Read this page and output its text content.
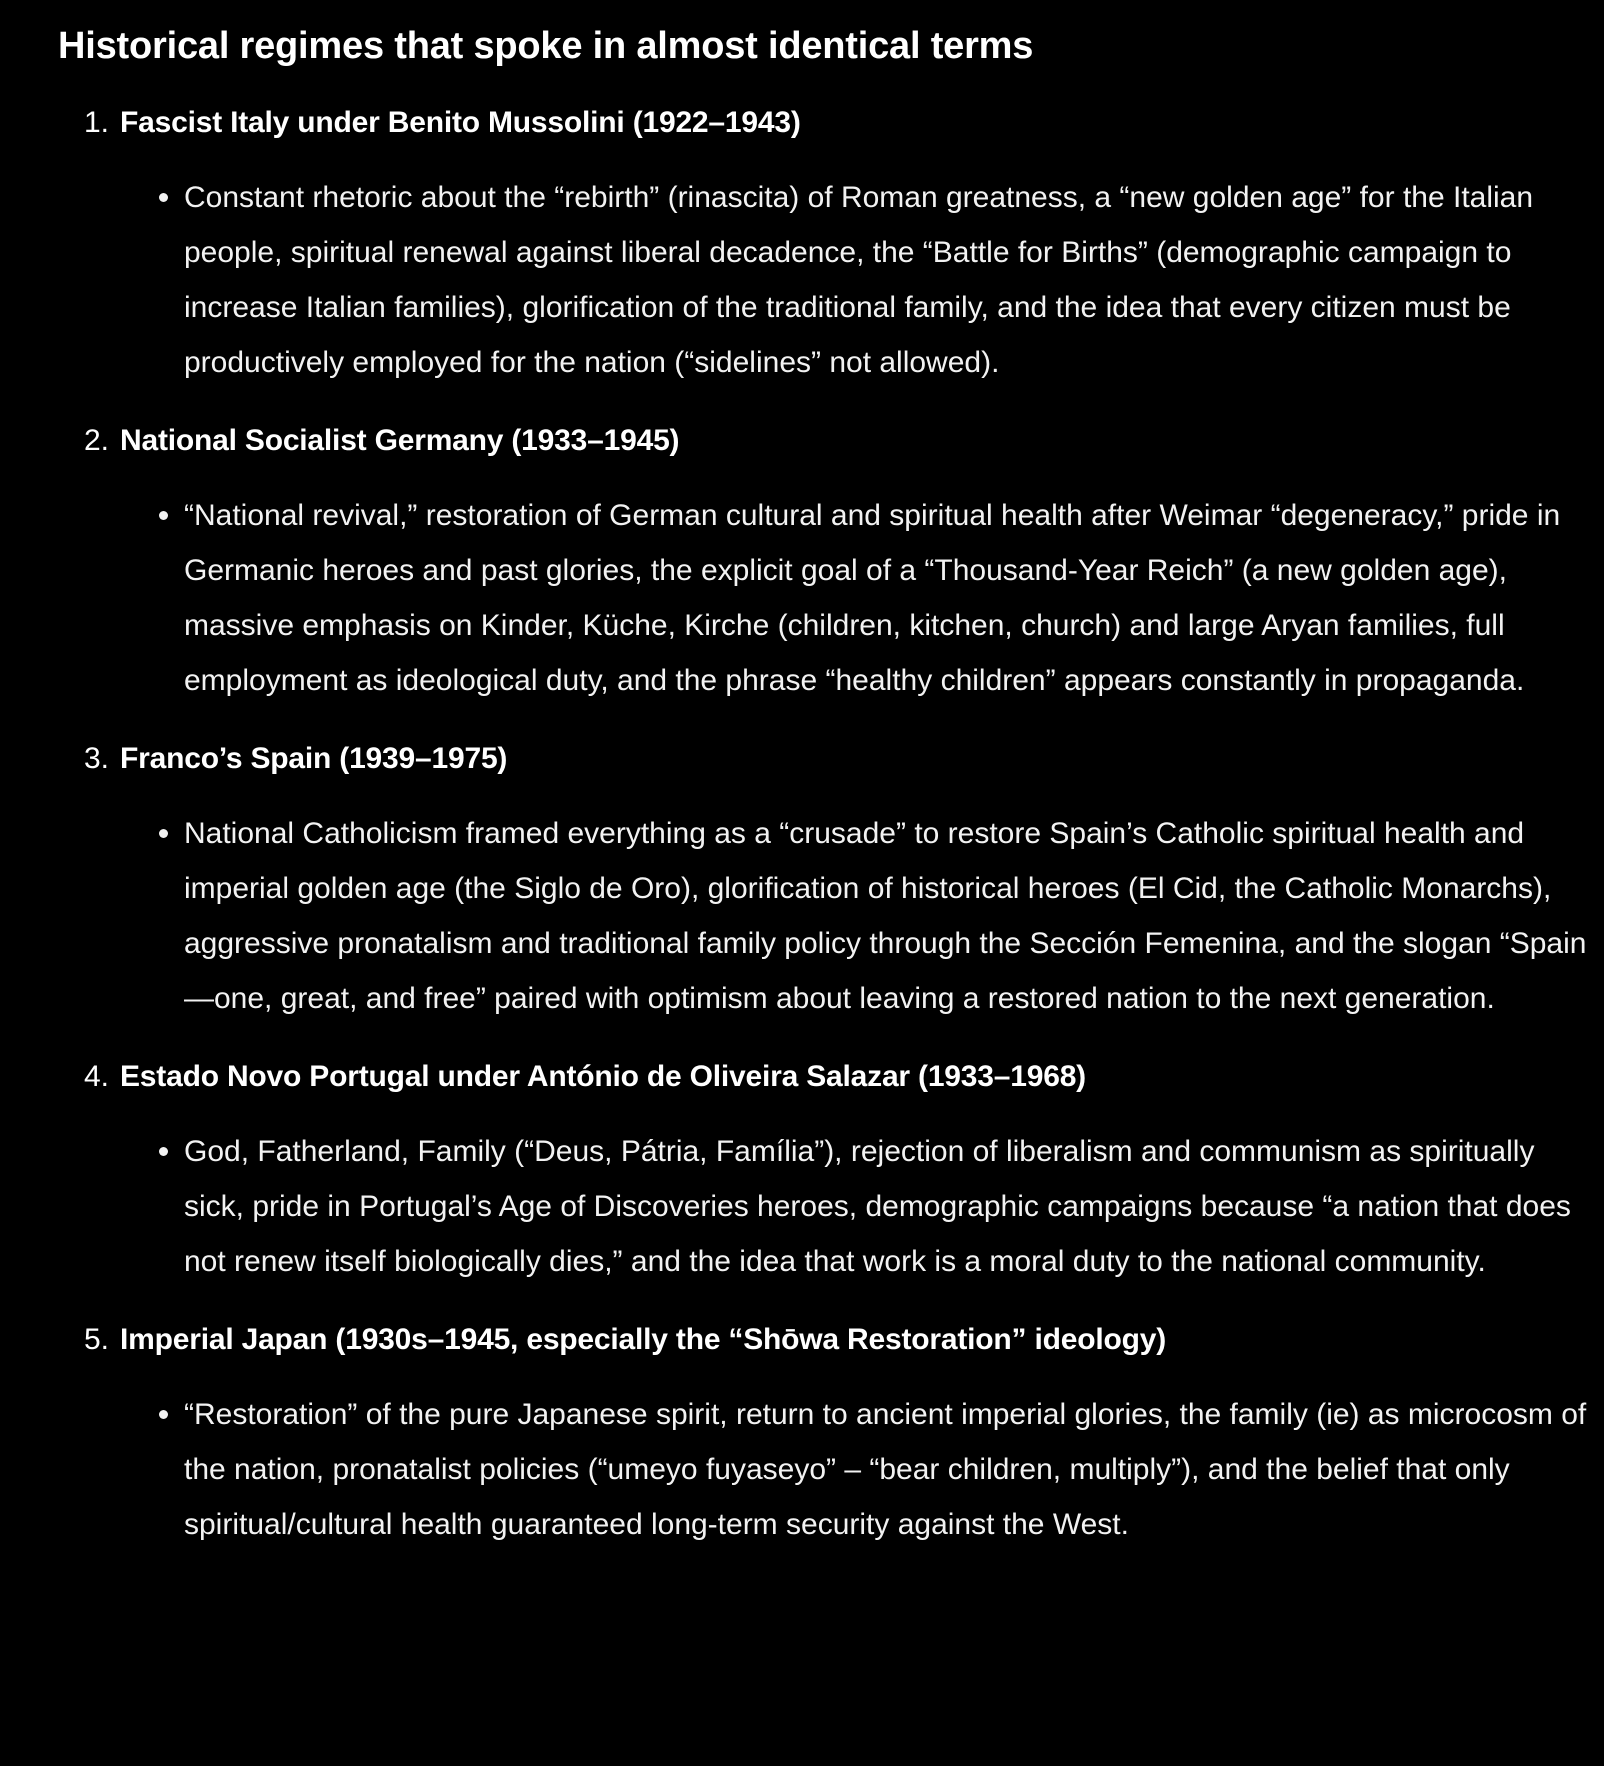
Historical regimes that spoke in almost identical terms
1. Fascist Italy under Benito Mussolini (1922–1943)
Constant rhetoric about the “rebirth” (rinascita) of Roman greatness, a “new golden age” for the Italian people, spiritual renewal against liberal decadence, the “Battle for Births” (demographic campaign to increase Italian families), glorification of the traditional family, and the idea that every citizen must be productively employed for the nation (“sidelines” not allowed).
2. National Socialist Germany (1933–1945)
“National revival,” restoration of German cultural and spiritual health after Weimar “degeneracy,” pride in Germanic heroes and past glories, the explicit goal of a “Thousand-Year Reich” (a new golden age), massive emphasis on Kinder, Küche, Kirche (children, kitchen, church) and large Aryan families, full employment as ideological duty, and the phrase “healthy children” appears constantly in propaganda.
3. Franco’s Spain (1939–1975)
National Catholicism framed everything as a “crusade” to restore Spain’s Catholic spiritual health and imperial golden age (the Siglo de Oro), glorification of historical heroes (El Cid, the Catholic Monarchs), aggressive pronatalism and traditional family policy through the Sección Femenina, and the slogan “Spain—one, great, and free” paired with optimism about leaving a restored nation to the next generation.
4. Estado Novo Portugal under António de Oliveira Salazar (1933–1968)
God, Fatherland, Family (“Deus, Pátria, Família”), rejection of liberalism and communism as spiritually sick, pride in Portugal’s Age of Discoveries heroes, demographic campaigns because “a nation that does not renew itself biologically dies,” and the idea that work is a moral duty to the national community.
5. Imperial Japan (1930s–1945, especially the “Shōwa Restoration” ideology)
“Restoration” of the pure Japanese spirit, return to ancient imperial glories, the family (ie) as microcosm of the nation, pronatalist policies (“umeyo fuyaseyo” – “bear children, multiply”), and the belief that only spiritual/cultural health guaranteed long-term security against the West.
